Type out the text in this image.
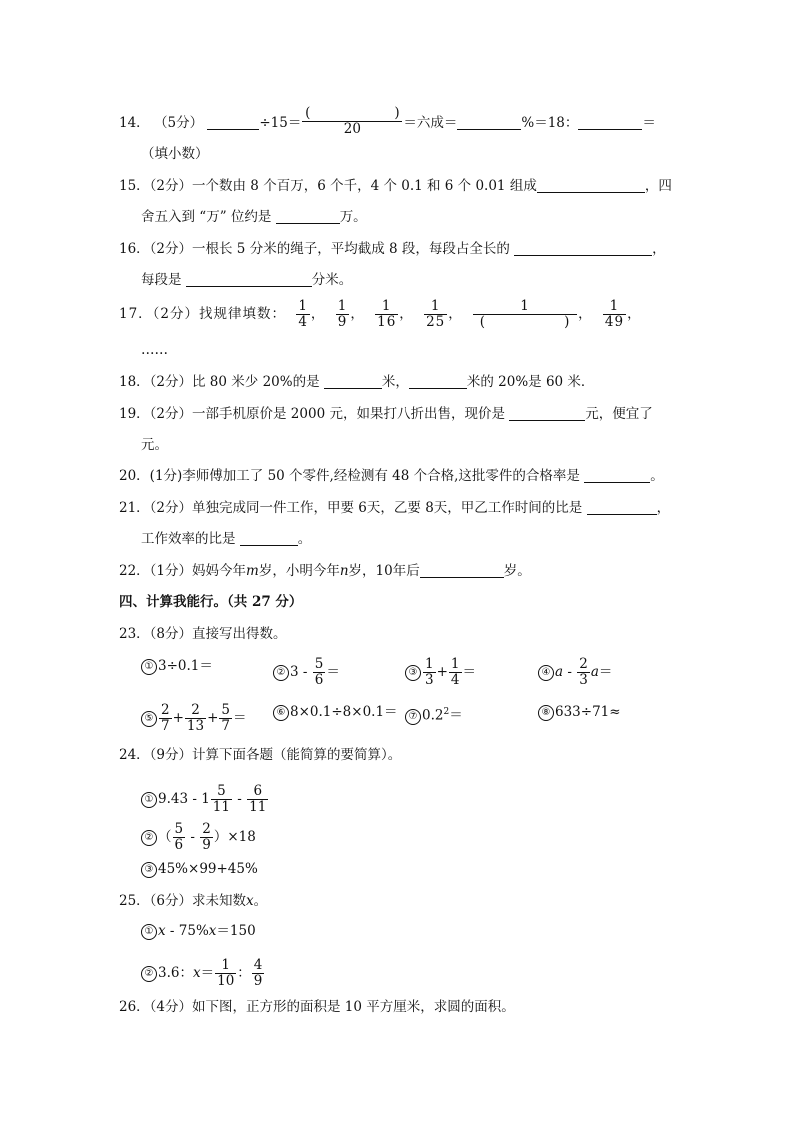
14． （5分）	÷15＝ (	)
20 ＝六成＝	%＝18：	＝
（填小数）
15．（2分）一个数由 8 个百万，6 个千，4 个 0.1 和 6 个 0.01 组成	，四
舍五入到 “万” 位约是	万。
16．（2分）一根长 5 分米的绳子，平均截成 8 段，每段占全长的	，
每段是	分米。
17．（2分）找规律填数： $\frac{1}{4}$ ， $\frac{1}{9}$ ， $\frac{1}{16}$ ， $\frac{1}{25}$ ， 1
(	) ， $\frac{1}{49}$ ，
……
18．（2分）比 80 米少 20%的是	米，	米的 20%是 60 米．
19．（2分）一部手机原价是 2000 元，如果打八折出售，现价是	元，便宜了
元。
20．(1分)李师傅加工了 50 个零件,经检测有 48 个合格,这批零件的合格率是	。
21．（2分）单独完成同一件工作，甲要 6天，乙要 8天，甲乙工作时间的比是	，
工作效率的比是	。
22．（1分）妈妈今年m岁，小明今年n岁，10年后	岁。
四、计算我能行。（共 27 分）
23．（8分）直接写出得数。
① 3÷0.1＝	② $3 - \frac{5}{6}$ ＝	③ $\frac{1}{3} + \frac{1}{4}$ ＝	④ $a - \frac{2}{3} a=$
⑤ $\frac{2}{7} + \frac{2}{13} + \frac{5}{7}$ ＝	⑥ 8×0.1÷8×0.1＝	⑦ $0.2^2=$	⑧ 633÷71≈
24．（9分）计算下面各题（能简算的要简算）。
① $9.43 - 1 \frac{5}{11} - \frac{6}{11}$
② （ $\frac{5}{6} - \frac{2}{9} )\times 18$
③ 45%×99+45%
25．（6分）求未知数x。
① x - 75%x＝150
② 3.6：$x= \frac{1}{10}$ ： $\frac{4}{9}$
26．（4分）如下图，正方形的面积是 10 平方厘米，求圆的面积。
